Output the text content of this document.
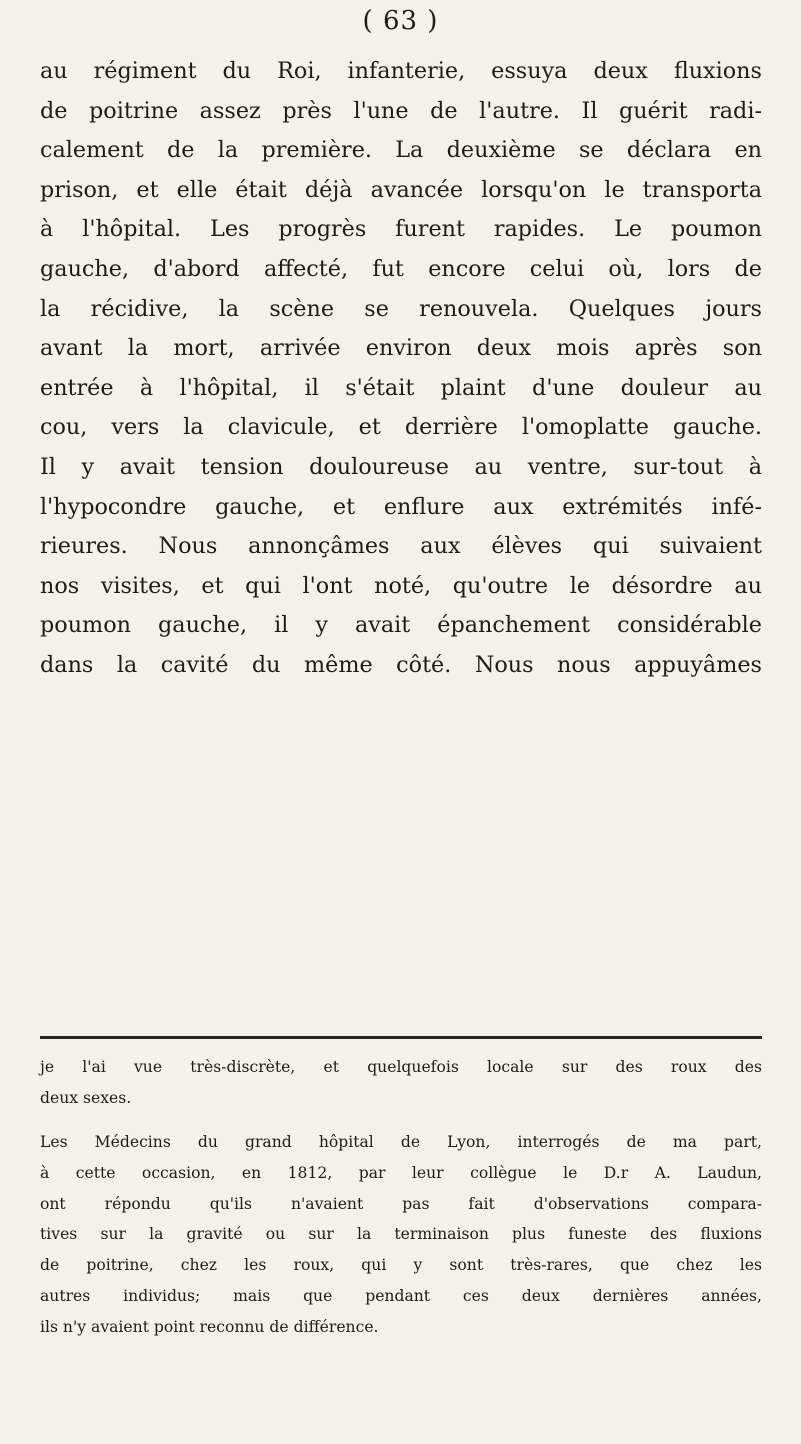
( 63 )
au régiment du Roi, infanterie, essuya deux fluxions
de poitrine assez près l'une de l'autre. Il guérit radi-
calement de la première. La deuxième se déclara en
prison, et elle était déjà avancée lorsqu'on le transporta
à l'hôpital. Les progrès furent rapides. Le poumon
gauche, d'abord affecté, fut encore celui où, lors de
la récidive, la scène se renouvela. Quelques jours
avant la mort, arrivée environ deux mois après son
entrée à l'hôpital, il s'était plaint d'une douleur au
cou, vers la clavicule, et derrière l'omoplatte gauche.
Il y avait tension douloureuse au ventre, sur-tout à
l'hypocondre gauche, et enflure aux extrémités infé-
rieures. Nous annonçâmes aux élèves qui suivaient
nos visites, et qui l'ont noté, qu'outre le désordre au
poumon gauche, il y avait épanchement considérable
dans la cavité du même côté. Nous nous appuyâmes
je l'ai vue très-discrète, et quelquefois locale sur des roux des
deux sexes.
Les Médecins du grand hôpital de Lyon, interrogés de ma part,
à cette occasion, en 1812, par leur collègue le D.r A. Laudun,
ont répondu qu'ils n'avaient pas fait d'observations compara-
tives sur la gravité ou sur la terminaison plus funeste des fluxions
de poitrine, chez les roux, qui y sont très-rares, que chez les
autres individus; mais que pendant ces deux dernières années,
ils n'y avaient point reconnu de différence.
